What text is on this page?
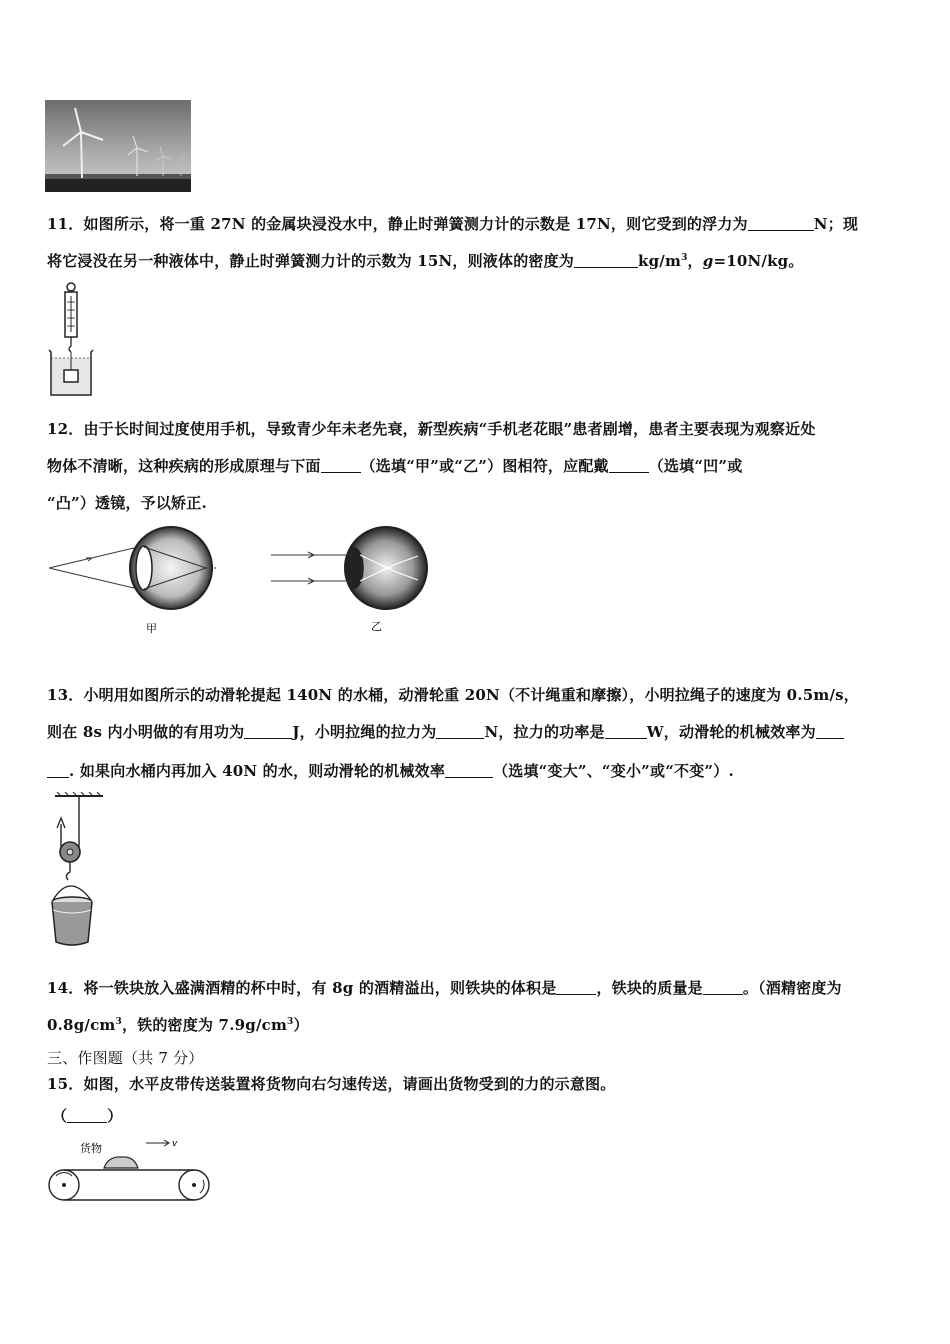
11．如图所示，将一重 27N 的金属块浸没水中，静止时弹簧测力计的示数是 17N，则它受到的浮力为	N；现
将它浸没在另一种液体中，静止时弹簧测力计的示数为 15N，则液体的密度为	$kg/m^3$，g=10N/kg。
12．由于长时间过度使用手机，导致青少年未老先衰，新型疾病“手机老花眼”患者剧增，患者主要表现为观察近处
物体不清晰，这种疾病的形成原理与下面	（选填“甲”或“乙”）图相符，应配戴	（选填“凹”或
“凸”）透镜，予以矫正.
甲	乙
13．小明用如图所示的动滑轮提起 140N 的水桶，动滑轮重 20N（不计绳重和摩擦），小明拉绳子的速度为 0.5m/s，
则在 8s 内小明做的有用功为	J，小明拉绳的拉力为	N，拉力的功率是	W，动滑轮的机械效率为
. 如果向水桶内再加入 40N 的水，则动滑轮的机械效率	（选填“变大”、“变小”或“不变”）.
14．将一铁块放入盛满酒精的杯中时，有 8g 的酒精溢出，则铁块的体积是	，铁块的质量是	。（酒精密度为
$0.8g/cm^3$，铁的密度为 $7.9g/cm^3$）
三、作图题（共 7 分）
15．如图，水平皮带传送装置将货物向右匀速传送，请画出货物受到的力的示意图。
（	）
货物	v
